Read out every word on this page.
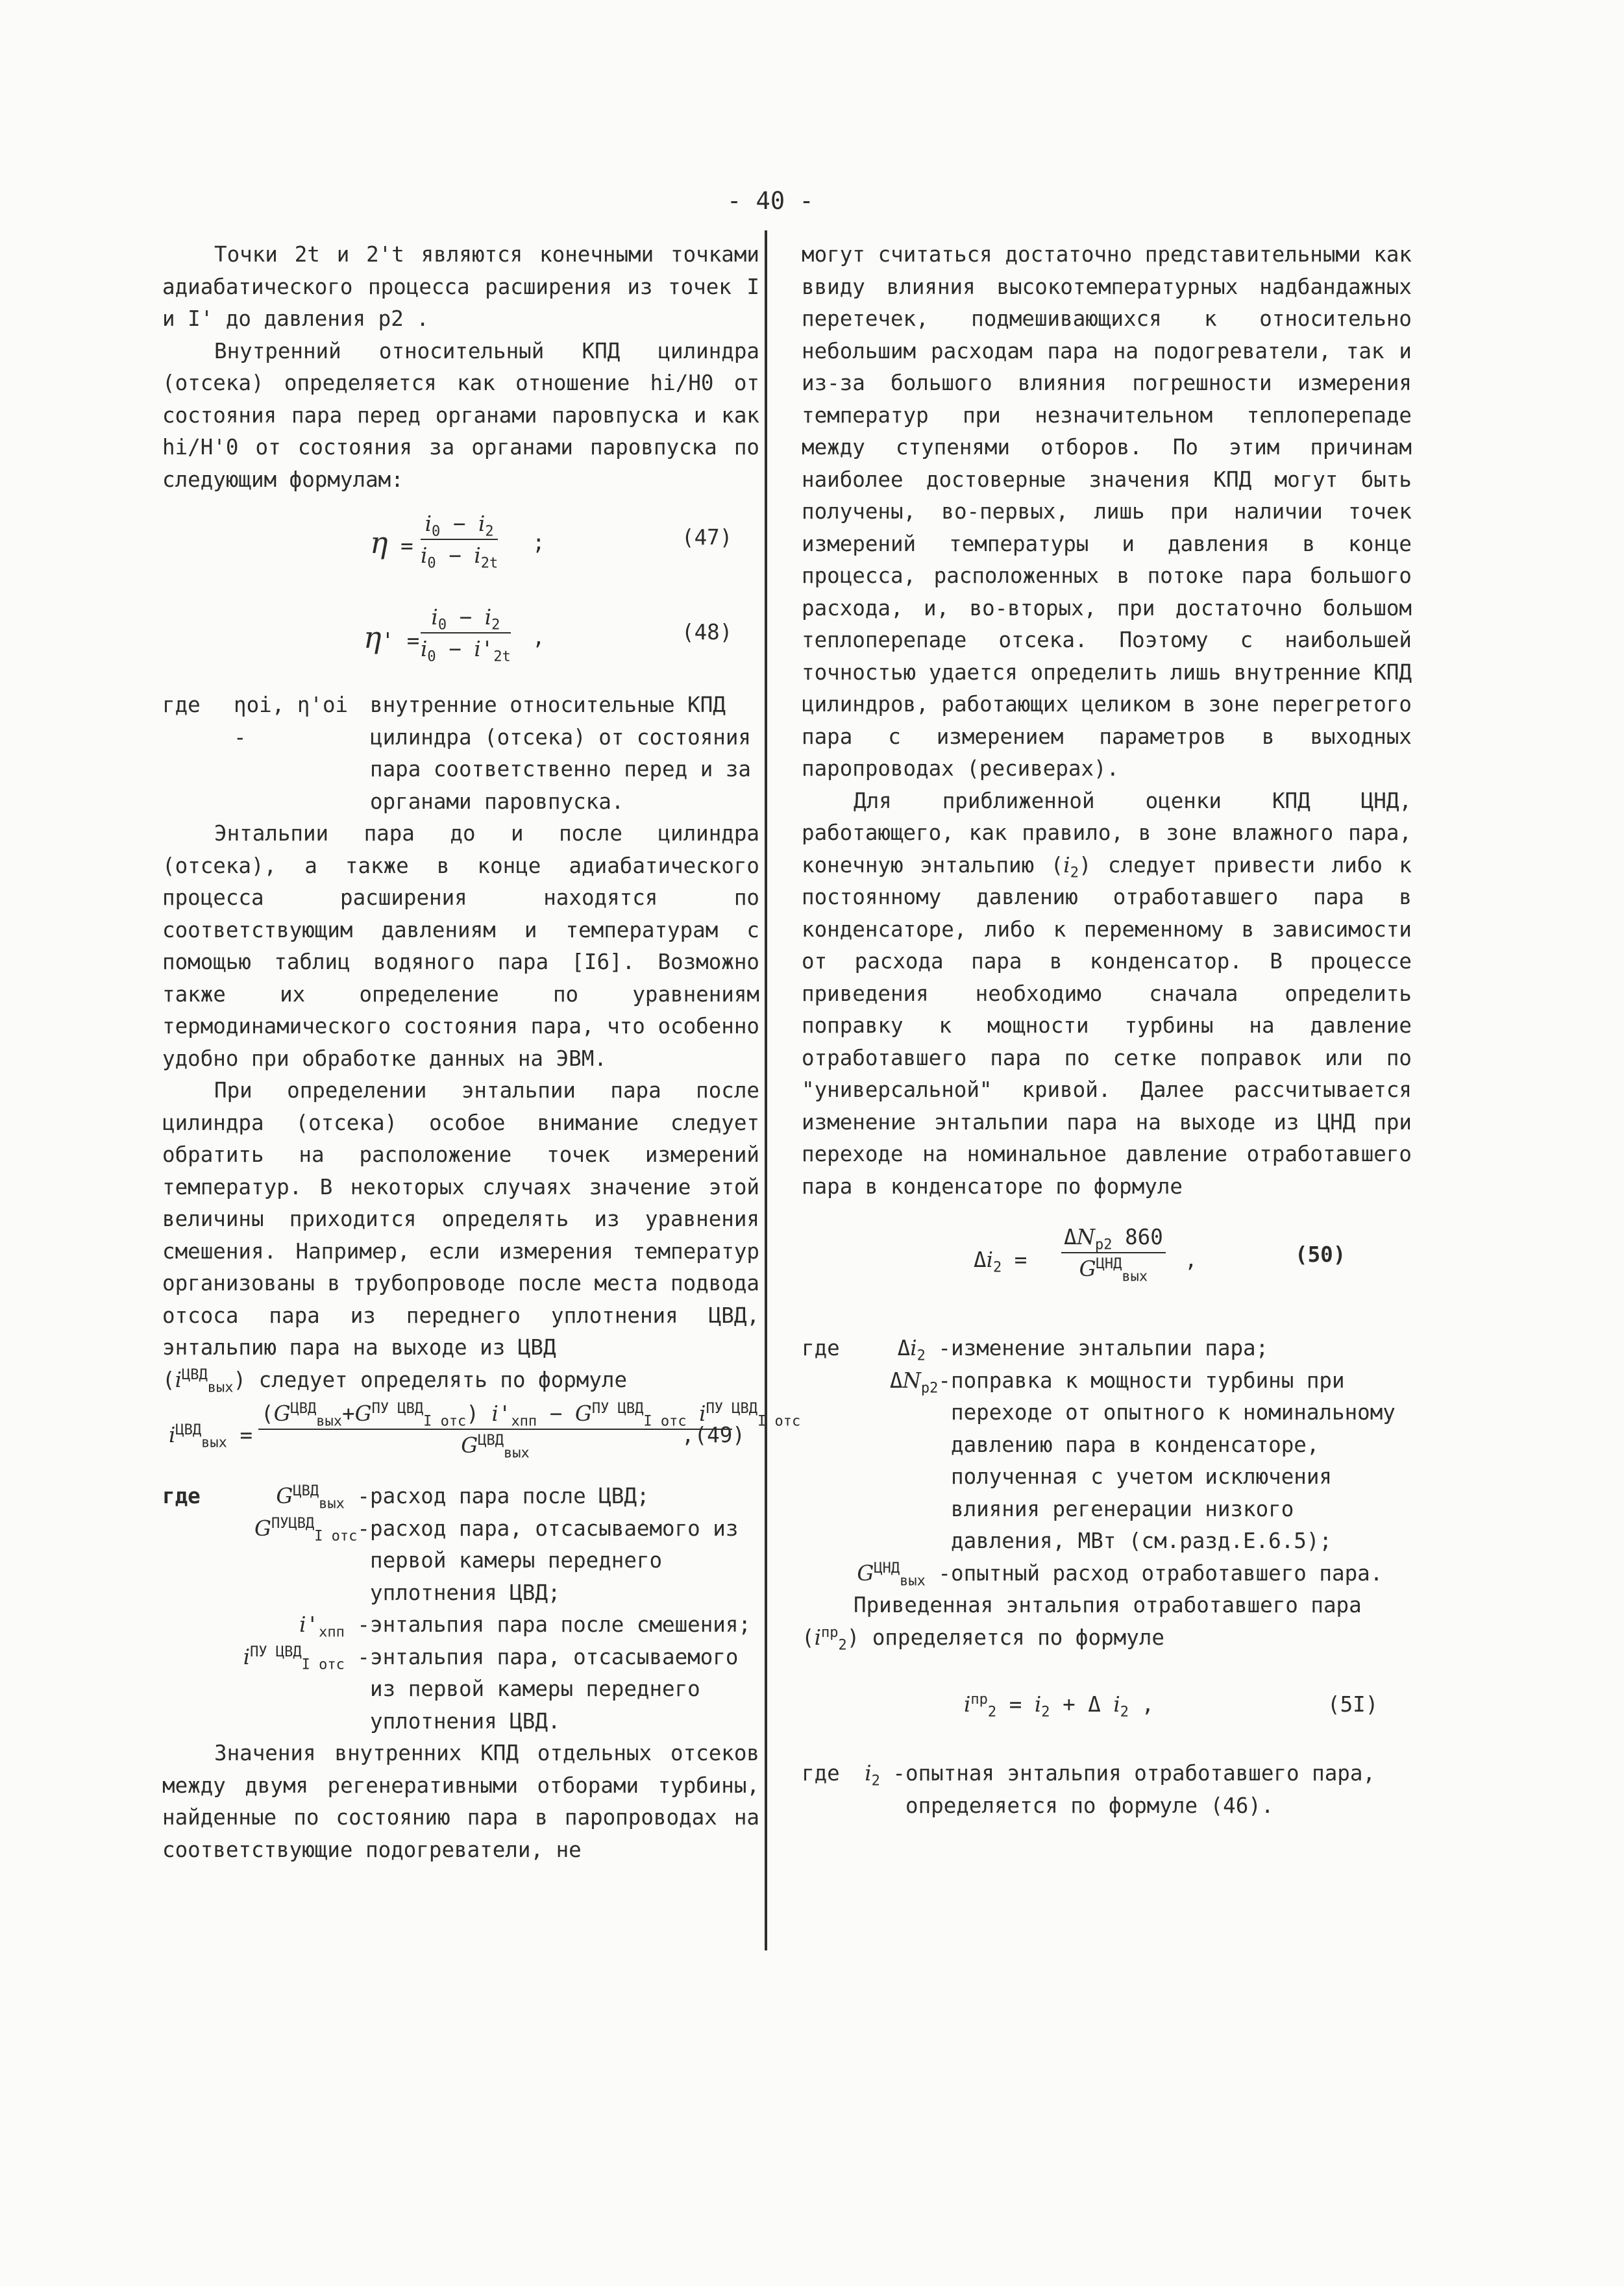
- 40 -

Точки 2t и 2't являются конечными точками адиабатического процесса расширения из точек I и I' до давления p2 .

Внутренний относительный КПД цилиндра (отсека) определяется как отношение hi/H0 от состояния пара перед органами паровпуска и как hi/H'0 от состояния за органами паровпуска по следующим формулам:

η =
$i_0 - i_2$
$i_0 - i_{2t}$
;	(47)
η' =
$i_0 - i_2$
$i_0 - i'_{2t}$
,	(48)
где	ηoi, η'oi -
внутренние относительные КПД цилиндра (отсека) от состояния пара соответственно перед и за органами паровпуска.

Энтальпии пара до и после цилиндра (отсека), а также в конце адиабатического процесса расширения находятся по соответствующим давлениям и температурам с помощью таблиц водяного пара [I6]. Возможно также их определение по уравнениям термодинамического состояния пара, что особенно удобно при обработке данных на ЭВМ.

При определении энтальпии пара после цилиндра (отсека) особое внимание следует обратить на расположение точек измерений температур. В некоторых случаях значение этой величины приходится определять из уравнения смешения. Например, если измерения температур организованы в трубопроводе после места подвода отсоса пара из переднего уплотнения ЦВД, энтальпию пара на выходе из ЦВД

$(i^{ЦВД}_{вых})$ следует определять по формуле

$i^{ЦВД}_{вых}$ =
$(G^{ЦВД}_{вых}+G^{ПУ ЦВД}_{I отс}) i'_{хпп} - G^{ПУ ЦВД}_{I отс}$ $i^{ПУ ЦВД}_{I отс}$
$G^{ЦВД}_{вых}$
,(49)
где	$G^{ЦВД}_{вых}$ - расход пара после ЦВД;
$G^{ПУЦВД}_{I отс}-$ расход пара, отсасываемого из первой камеры переднего уплотнения ЦВД;
$i'_{хпп}$ - энтальпия пара после смешения;
$i^{ПУ ЦВД}_{I отс}$ - энтальпия пара, отсасываемого из первой камеры переднего уплотнения ЦВД.

Значения внутренних КПД отдельных отсеков между двумя регенеративными отборами турбины, найденные по состоянию пара в паропроводах на соответствующие подогреватели, не

могут считаться достаточно представительными как ввиду влияния высокотемпературных надбандажных перетечек, подмешивающихся к относительно небольшим расходам пара на подогреватели, так и из-за большого влияния погрешности измерения температур при незначительном теплоперепаде между ступенями отборов. По этим причинам наиболее достоверные значения КПД могут быть получены, во-первых, лишь при наличии точек измерений температуры и давления в конце процесса, расположенных в потоке пара большого расхода, и, во-вторых, при достаточно большом теплоперепаде отсека. Поэтому с наибольшей точностью удается определить лишь внутренние КПД цилиндров, работающих целиком в зоне перегретого пара с измерением параметров в выходных паропроводах (ресиверах).

Для приближенной оценки КПД ЦНД, работающего, как правило, в зоне влажного пара, конечную энтальпию $(i_2)$ следует привести либо к постоянному давлению отработавшего пара в конденсаторе, либо к переменному в зависимости от расхода пара в конденсатор. В процессе приведения необходимо сначала определить поправку к мощности турбины на давление отработавшего пара по сетке поправок или по "универсальной" кривой. Далее рассчитывается изменение энтальпии пара на выходе из ЦНД при переходе на номинальное давление отработавшего пара в конденсаторе по формуле

$\Delta i_2$ =
$\Delta N_{p2}$ 860
$G^{ЦНД}_{вых}$
,	(50)
где	$\Delta i_2$ - изменение энтальпии пара;
$\Delta N_{p2}-$ поправка к мощности турбины при переходе от опытного к номинальному давлению пара в конденсаторе, полученная с учетом исключения влияния регенерации низкого давления, МВт (см.разд.Е.6.5);
$G^{ЦНД}_{вых}$ - опытный расход отработавшего пара.

Приведенная энтальпия отработавшего пара $(i^{пр}_2)$ определяется по формуле

$i^{пр}_2 = i_2 + \Delta$ $i_2$ ,	(5I)
где	$i_2$ - опытная энтальпия отработавшего пара, определяется по формуле (46).
